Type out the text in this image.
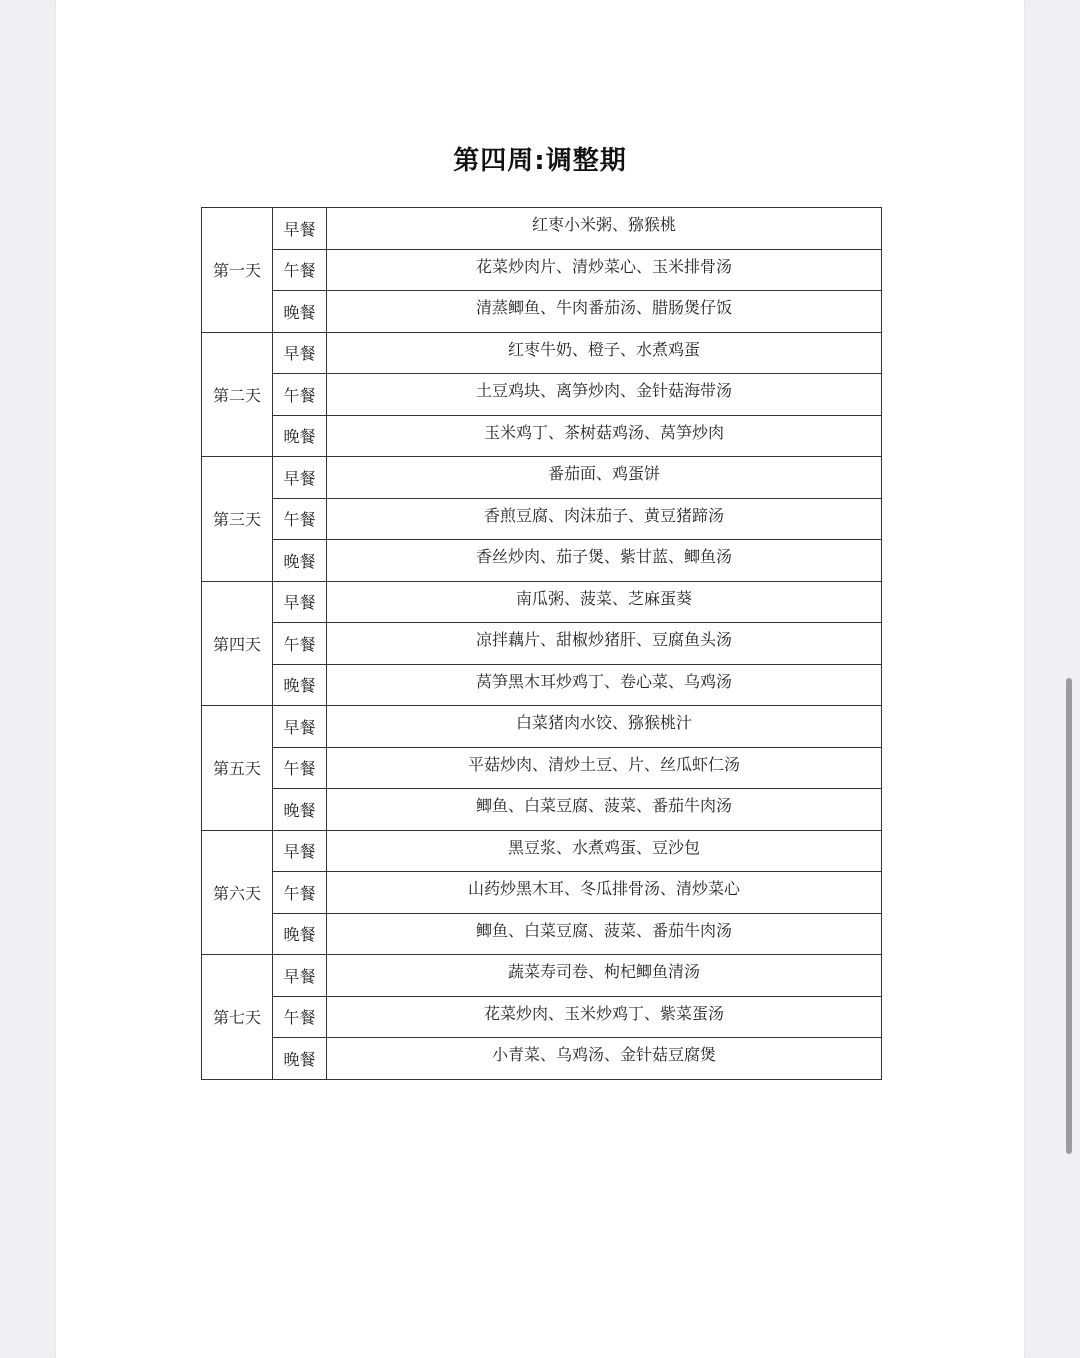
第四周:调整期
第一天	早餐	红枣小米粥、猕猴桃
	午餐	花菜炒肉片、清炒菜心、玉米排骨汤
	晚餐	清蒸鲫鱼、牛肉番茄汤、腊肠煲仔饭
第二天	早餐	红枣牛奶、橙子、水煮鸡蛋
	午餐	土豆鸡块、离笋炒肉、金针菇海带汤
	晚餐	玉米鸡丁、茶树菇鸡汤、莴笋炒肉
第三天	早餐	番茄面、鸡蛋饼
	午餐	香煎豆腐、肉沫茄子、黄豆猪蹄汤
	晚餐	香丝炒肉、茄子煲、紫甘蓝、鲫鱼汤
第四天	早餐	南瓜粥、菠菜、芝麻蛋葵
	午餐	凉拌藕片、甜椒炒猪肝、豆腐鱼头汤
	晚餐	莴笋黑木耳炒鸡丁、卷心菜、乌鸡汤
第五天	早餐	白菜猪肉水饺、猕猴桃汁
	午餐	平菇炒肉、清炒土豆、片、丝瓜虾仁汤
	晚餐	鲫鱼、白菜豆腐、菠菜、番茄牛肉汤
第六天	早餐	黑豆浆、水煮鸡蛋、豆沙包
	午餐	山药炒黑木耳、冬瓜排骨汤、清炒菜心
	晚餐	鲫鱼、白菜豆腐、菠菜、番茄牛肉汤
第七天	早餐	蔬菜寿司卷、枸杞鲫鱼清汤
	午餐	花菜炒肉、玉米炒鸡丁、紫菜蛋汤
	晚餐	小青菜、乌鸡汤、金针菇豆腐煲
